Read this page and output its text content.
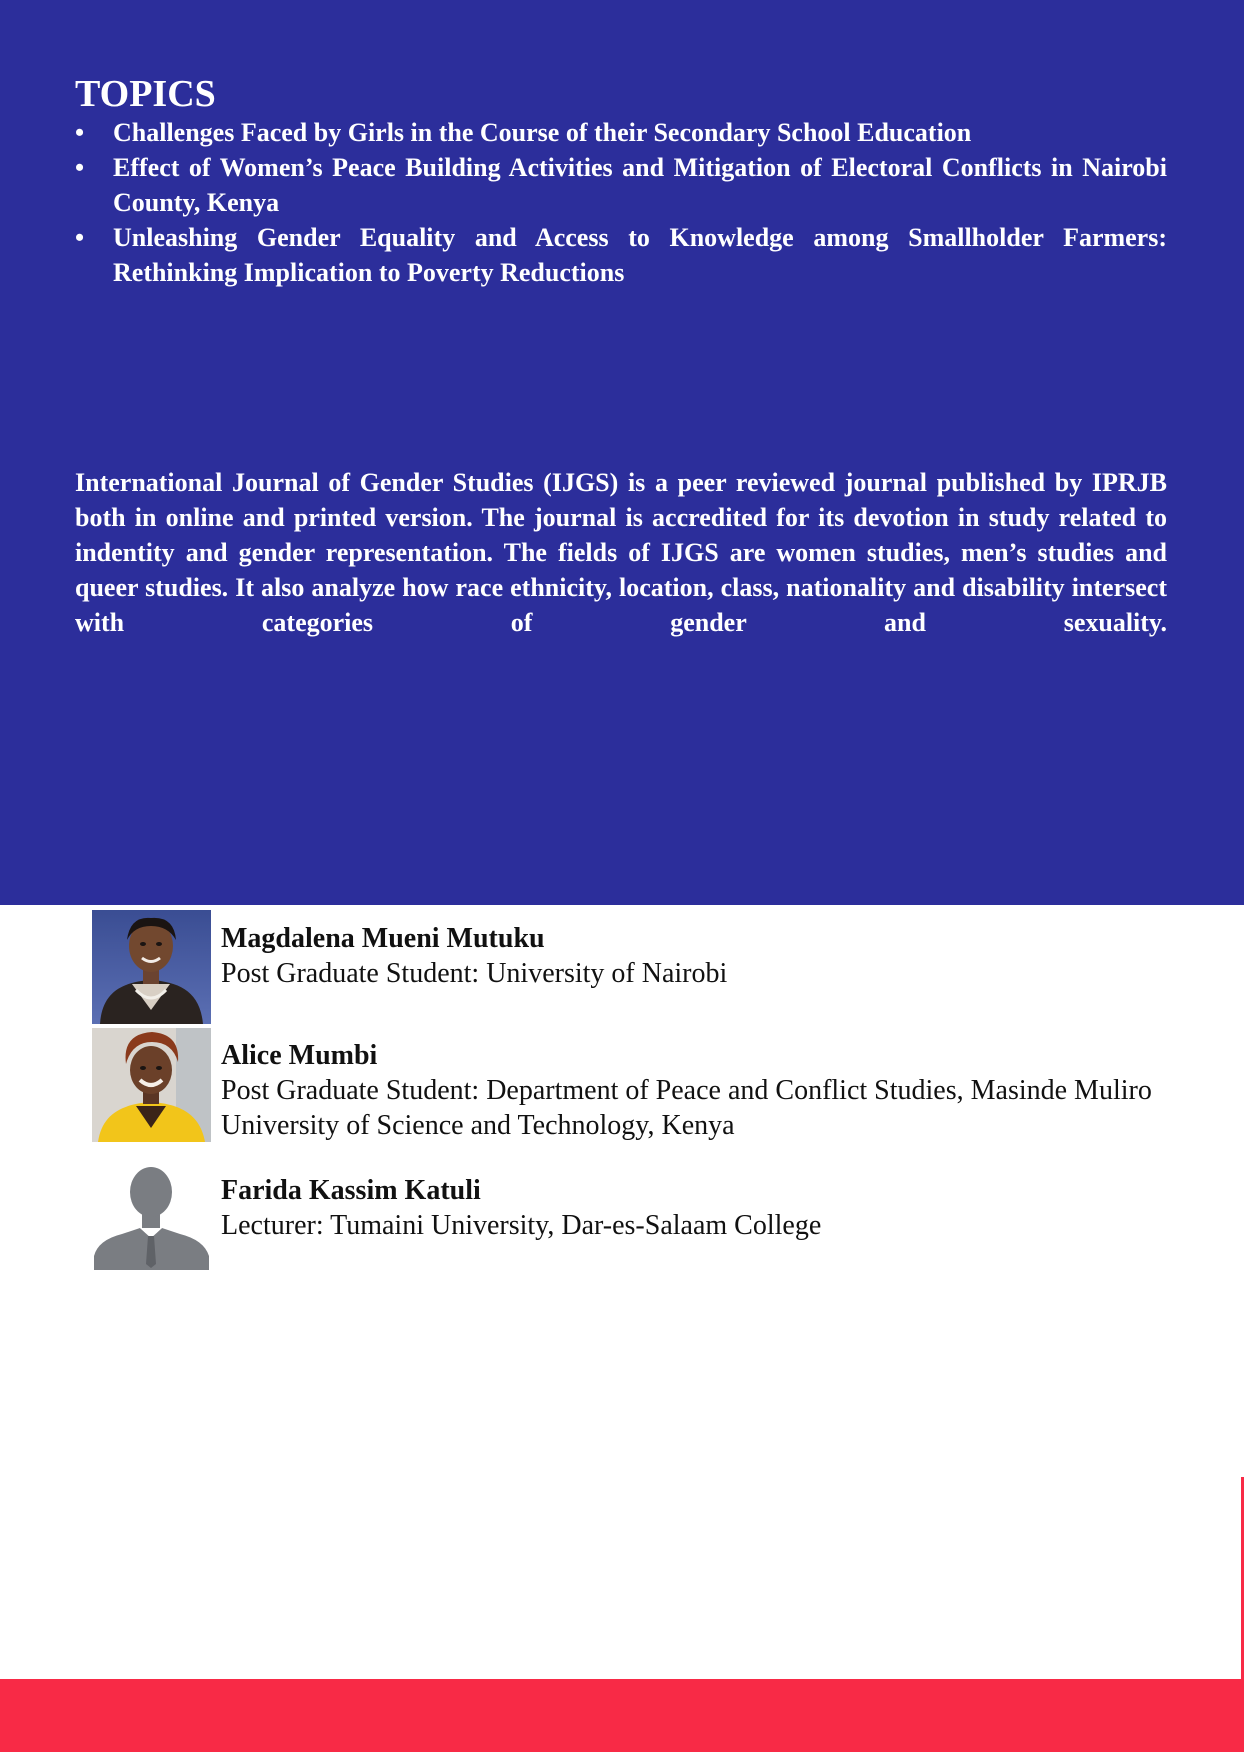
TOPICS
• Challenges Faced by Girls in the Course of their Secondary School Education
• Effect of Women’s Peace Building Activities and Mitigation of Electoral Conflicts in Nairobi County, Kenya
• Unleashing Gender Equality and Access to Knowledge among Smallholder Farmers: Rethinking Implication to Poverty Reductions
International Journal of Gender Studies (IJGS) is a peer reviewed journal published by IPRJB both in online and printed version. The journal is accredited for its devotion in study related to indentity and gender representation. The fields of IJGS are women studies, men’s studies and queer studies. It also analyze how race ethnicity, location, class, nationality and disability intersect with categories of gender and sexuality.
Magdalena Mueni Mutuku
Post Graduate Student: University of Nairobi
Alice Mumbi
Post Graduate Student: Department of Peace and Conflict Studies, Masinde Muliro University of Science and Technology, Kenya
Farida Kassim Katuli
Lecturer: Tumaini University, Dar-es-Salaam College
